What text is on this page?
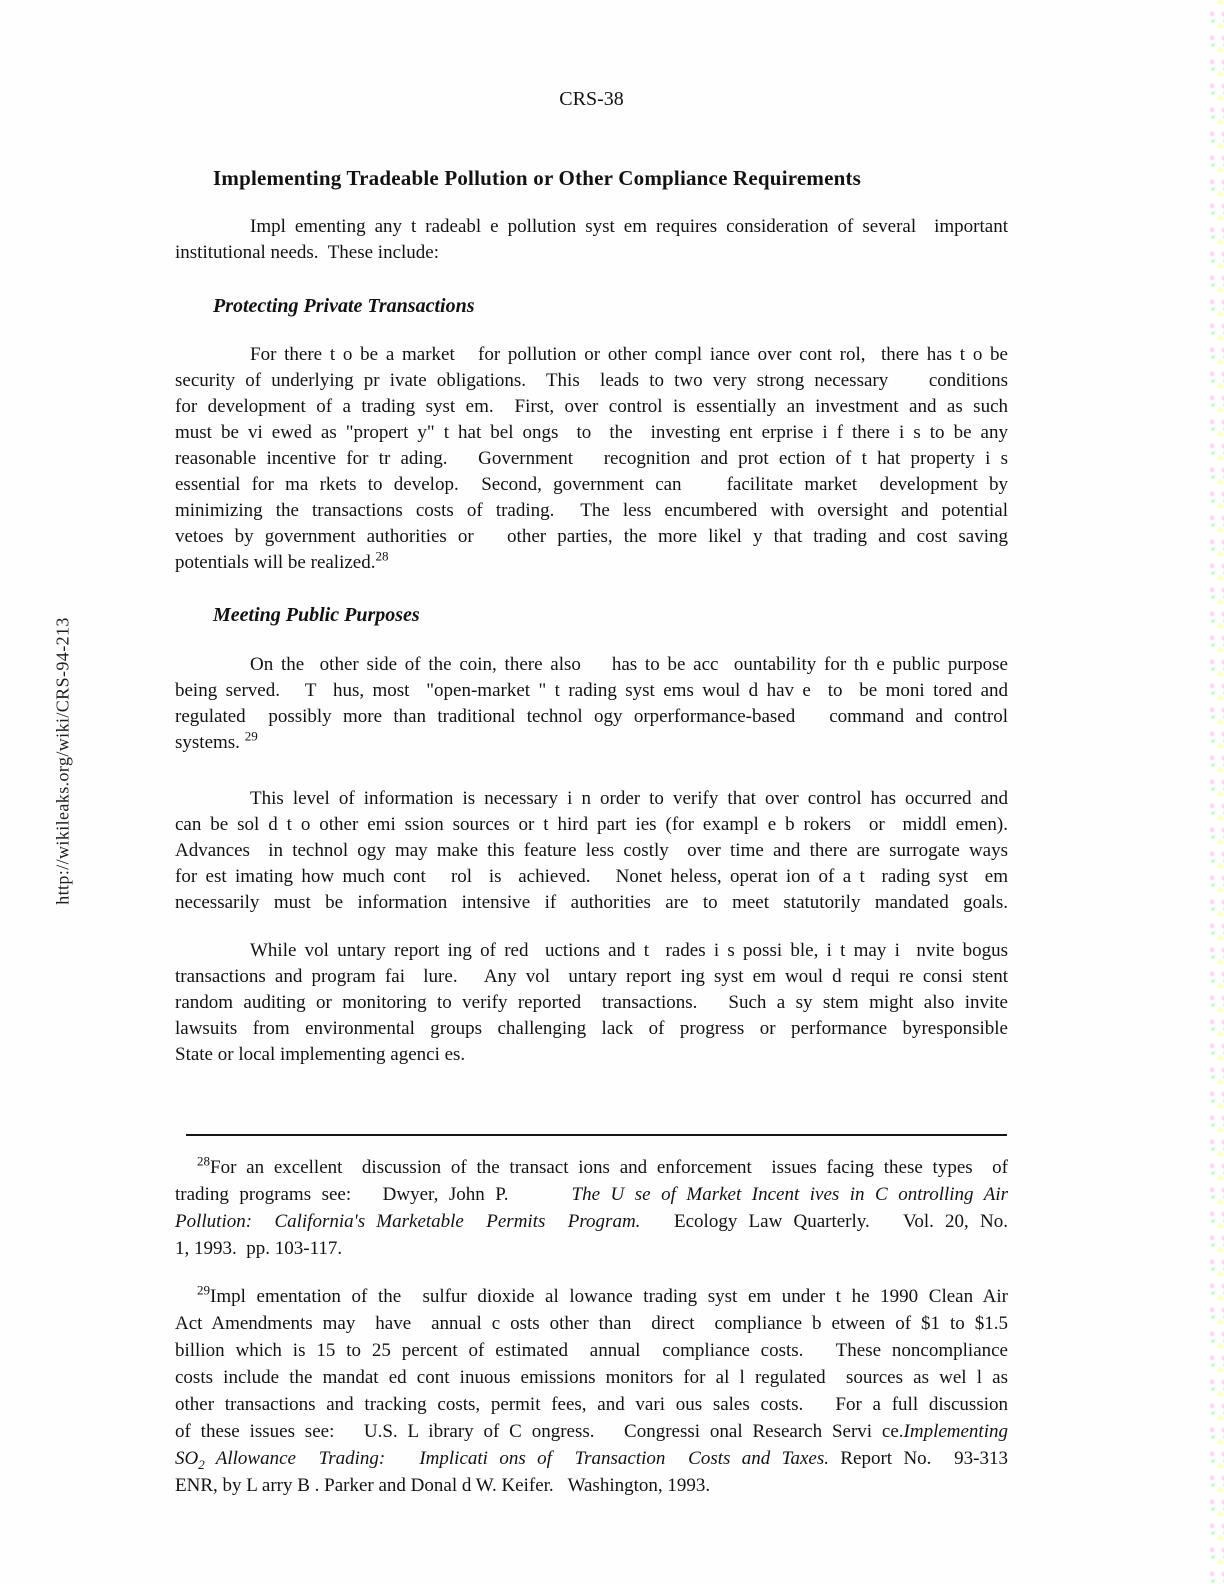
http://wikileaks.org/wiki/CRS-94-213
CRS-38
Implementing Tradeable Pollution or Other Compliance Requirements
Impl ementing any t radeabl e pollution syst em requires consideration of several  important
institutional needs.  These include:
Protecting Private Transactions
For there t o be a market   for pollution or other compl iance over cont rol,  there has t o be
security of underlying pr ivate obligations.  This  leads to two very strong necessary    conditions
for development of a trading syst em.  First, over control is essentially an investment and as such
must be vi ewed as "propert y" t hat bel ongs  to  the  investing ent erprise i f there i s to be any
reasonable incentive for tr ading.   Government   recognition and prot ection of t hat property i s
essential for ma rkets to develop.  Second, government can    facilitate market  development by
minimizing the transactions costs of trading.  The less encumbered with oversight and potential
vetoes by government authorities or   other parties, the more likel y that trading and cost saving
potentials will be realized.$^{28}$
Meeting Public Purposes
On the  other side of the coin, there also    has to be acc  ountability for th e public purpose
being served.   T  hus, most  "open-market " t rading syst ems woul d hav e  to  be moni tored and
regulated  possibly more than traditional technol ogy orperformance-based   command and control
systems. $^{29}$
This level of information is necessary i n order to verify that over control has occurred and
can be sol d t o other emi ssion sources or t hird part ies (for exampl e b rokers  or  middl emen).
Advances  in technol ogy may make this feature less costly  over time and there are surrogate ways
for est imating how much cont   rol  is  achieved.   Nonet heless, operat ion of a t  rading syst  em
necessarily must be information intensive if authorities are to meet statutorily mandated goals.
While vol untary report ing of red  uctions and t  rades i s possi ble, i t may i  nvite bogus
transactions and program fai  lure.   Any vol  untary report ing syst em woul d requi re consi stent
random auditing or monitoring to verify reported  transactions.   Such a sy stem might also invite
lawsuits from environmental groups challenging lack of progress or performance byresponsible
State or local implementing agenci es.
$^{28}$For an excellent  discussion of the transact ions and enforcement  issues facing these types  of
trading programs see:   Dwyer, John P.      The U se of Market Incent ives in C ontrolling Air
Pollution:  California's Marketable  Permits  Program.   Ecology Law Quarterly.   Vol. 20, No.
1, 1993.  pp. 103-117.
$^{29}$Impl ementation of the  sulfur dioxide al lowance trading syst em under t he 1990 Clean Air
Act Amendments may  have  annual c osts other than  direct  compliance b etween of $1 to $1.5
billion which is 15 to 25 percent of estimated  annual  compliance costs.   These noncompliance
costs include the mandat ed cont inuous emissions monitors for al l regulated  sources as wel l as
other transactions and tracking costs, permit fees, and vari ous sales costs.   For a full discussion
of these issues see:   U.S. L ibrary of C ongress.   Congressi onal Research Servi ce.Implementing
$SO_2$ Allowance  Trading:   Implicati ons of  Transaction  Costs and Taxes. Report No.  93-313
ENR, by L arry B . Parker and Donal d W. Keifer.   Washington, 1993.
